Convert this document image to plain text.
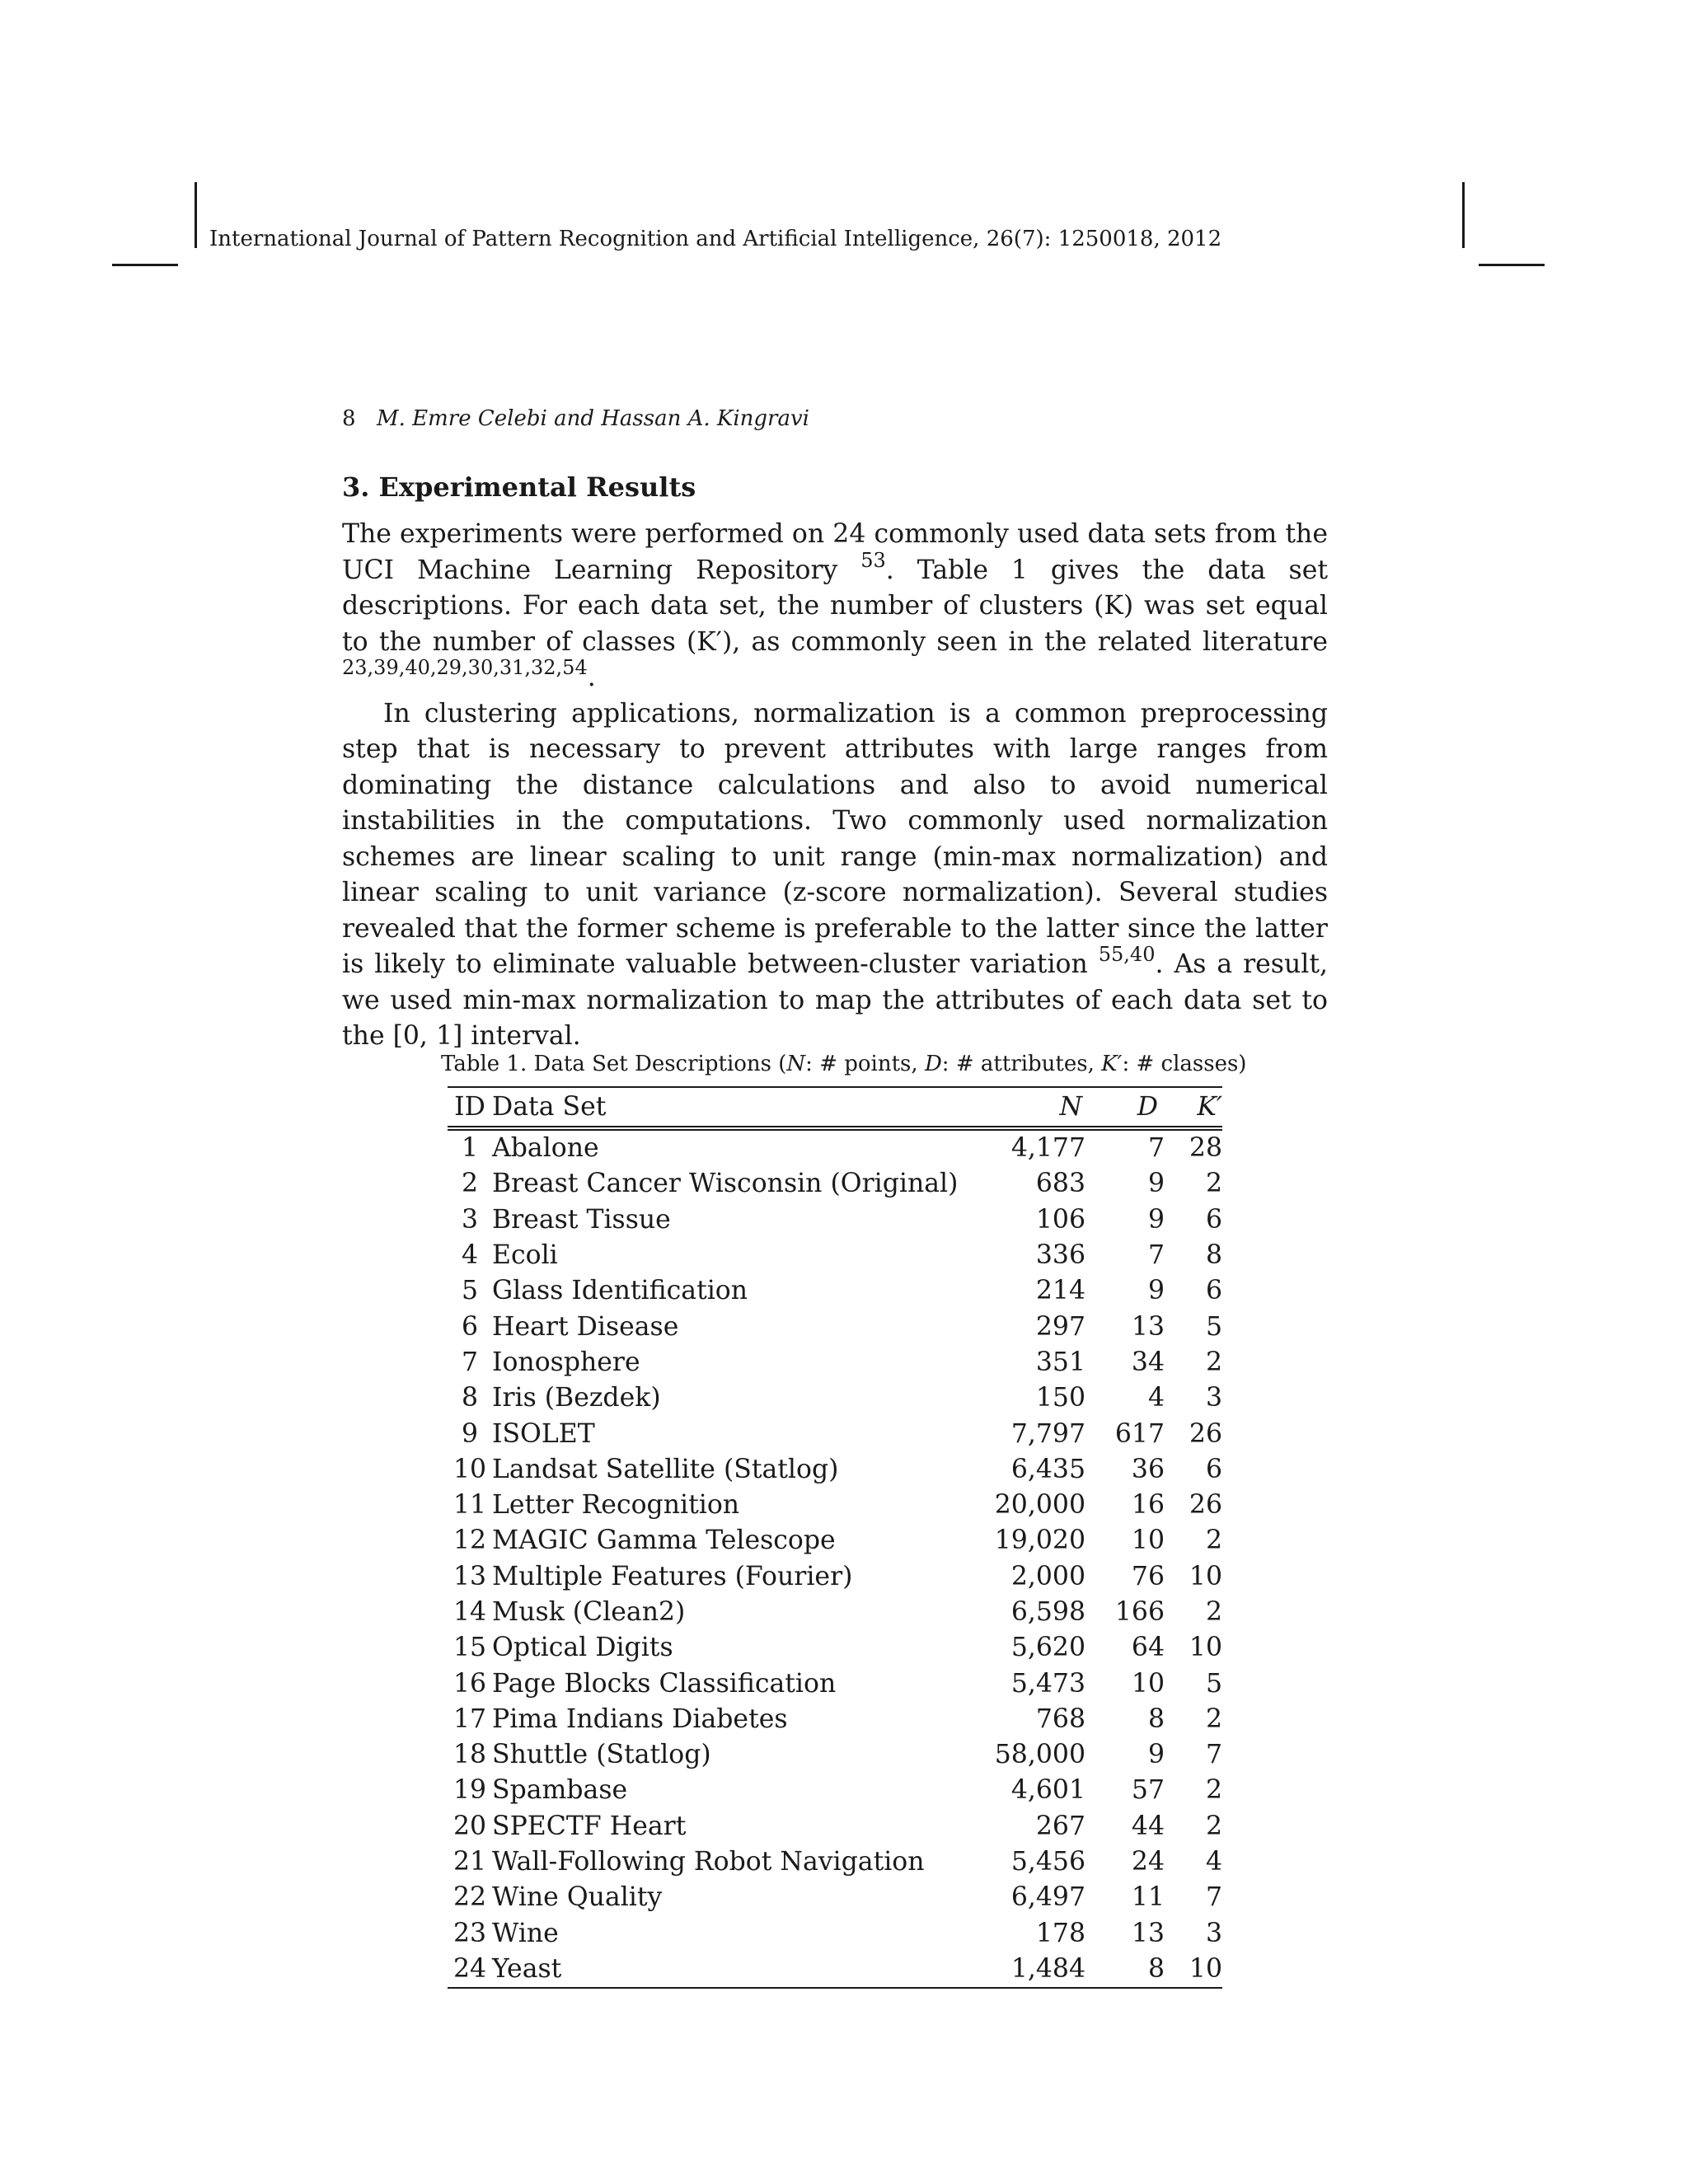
International Journal of Pattern Recognition and Artificial Intelligence, 26(7): 1250018, 2012
8 M. Emre Celebi and Hassan A. Kingravi
3. Experimental Results

The experiments were performed on 24 commonly used data sets from the UCI Machine Learning Repository $^{53}$. Table 1 gives the data set descriptions. For each data set, the number of clusters (K) was set equal to the number of classes (K′), as commonly seen in the related literature $^{23,39,40,29,30,31,32,54}$.

In clustering applications, normalization is a common preprocessing step that is necessary to prevent attributes with large ranges from dominating the distance calculations and also to avoid numerical instabilities in the computations. Two commonly used normalization schemes are linear scaling to unit range (min-max normalization) and linear scaling to unit variance (z-score normalization). Several studies revealed that the former scheme is preferable to the latter since the latter is likely to eliminate valuable between-cluster variation $^{55,40}$. As a result, we used min-max normalization to map the attributes of each data set to the [0, 1] interval.

Table 1. Data Set Descriptions (N: # points, D: # attributes, K′: # classes)
ID	Data Set	N	D	K′
1	Abalone	4,177	7	28
2	Breast Cancer Wisconsin (Original)	683	9	2
3	Breast Tissue	106	9	6
4	Ecoli	336	7	8
5	Glass Identification	214	9	6
6	Heart Disease	297	13	5
7	Ionosphere	351	34	2
8	Iris (Bezdek)	150	4	3
9	ISOLET	7,797	617	26
10	Landsat Satellite (Statlog)	6,435	36	6
11	Letter Recognition	20,000	16	26
12	MAGIC Gamma Telescope	19,020	10	2
13	Multiple Features (Fourier)	2,000	76	10
14	Musk (Clean2)	6,598	166	2
15	Optical Digits	5,620	64	10
16	Page Blocks Classification	5,473	10	5
17	Pima Indians Diabetes	768	8	2
18	Shuttle (Statlog)	58,000	9	7
19	Spambase	4,601	57	2
20	SPECTF Heart	267	44	2
21	Wall-Following Robot Navigation	5,456	24	4
22	Wine Quality	6,497	11	7
23	Wine	178	13	3
24	Yeast	1,484	8	10
